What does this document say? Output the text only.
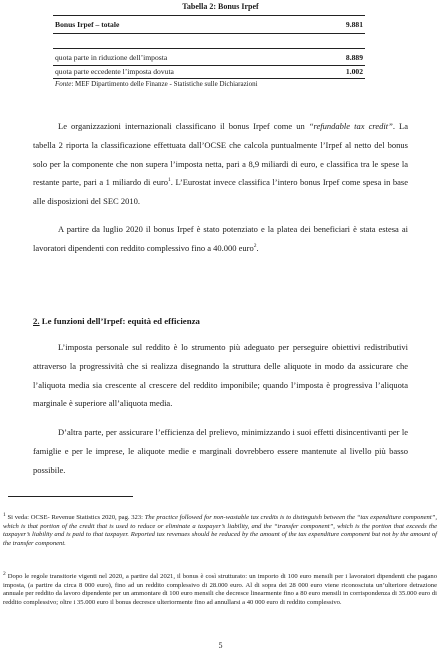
Tabella 2: Bonus Irpef
Bonus Irpef – totale	9.881
quota parte in riduzione dell’imposta	8.889
quota parte eccedente l’imposta dovuta	1.002
Fonte: MEF Dipartimento delle Finanze - Statistiche sulle Dichiarazioni
Le organizzazioni internazionali classificano il bonus Irpef come un “refundable tax credit”. La tabella 2 riporta la classificazione effettuata dall’OCSE che calcola puntualmente l’Irpef al netto del bonus solo per la componente che non supera l’imposta netta, pari a 8,9 miliardi di euro, e classifica tra le spese la restante parte, pari a 1 miliardo di euro$^1$. L’Eurostat invece classifica l’intero bonus Irpef come spesa in base alle disposizioni del SEC 2010.
A partire da luglio 2020 il bonus Irpef è stato potenziato e la platea dei beneficiari è stata estesa ai lavoratori dipendenti con reddito complessivo fino a 40.000 euro$^2$.
2. Le funzioni dell’Irpef: equità ed efficienza
L’imposta personale sul reddito è lo strumento più adeguato per perseguire obiettivi redistributivi attraverso la progressività che si realizza disegnando la struttura delle aliquote in modo da assicurare che l’aliquota media sia crescente al crescere del reddito imponibile; quando l’imposta è progressiva l’aliquota marginale è superiore all’aliquota media.
D’altra parte, per assicurare l’efficienza del prelievo, minimizzando i suoi effetti disincentivanti per le famiglie e per le imprese, le aliquote medie e marginali dovrebbero essere mantenute al livello più basso possibile.
$^1$ Si veda: OCSE- Revenue Statistics 2020, pag. 323: The practice followed for non-wastable tax credits is to distinguish between the “tax expenditure component”, which is that portion of the credit that is used to reduce or eliminate a taxpayer’s liability, and the “transfer component”, which is the portion that exceeds the taxpayer’s liability and is paid to that taxpayer. Reported tax revenues should be reduced by the amount of the tax expenditure component but not by the amount of the transfer component.
$^2$ Dopo le regole transitorie vigenti nel 2020, a partire dal 2021, il bonus è così strutturato: un importo di 100 euro mensili per i lavoratori dipendenti che pagano imposta, (a partire da circa 8 000 euro), fino ad un reddito complessivo di 28.000 euro. Al di sopra dei 28 000 euro viene riconosciuta un’ulteriore detrazione annuale per reddito da lavoro dipendente per un ammontare di 100 euro mensili che decresce linearmente fino a 80 euro mensili in corrispondenza di 35.000 euro di reddito complessivo; oltre i 35.000 euro il bonus decresce ulteriormente fino ad annullarsi a 40 000 euro di reddito complessivo.
5
